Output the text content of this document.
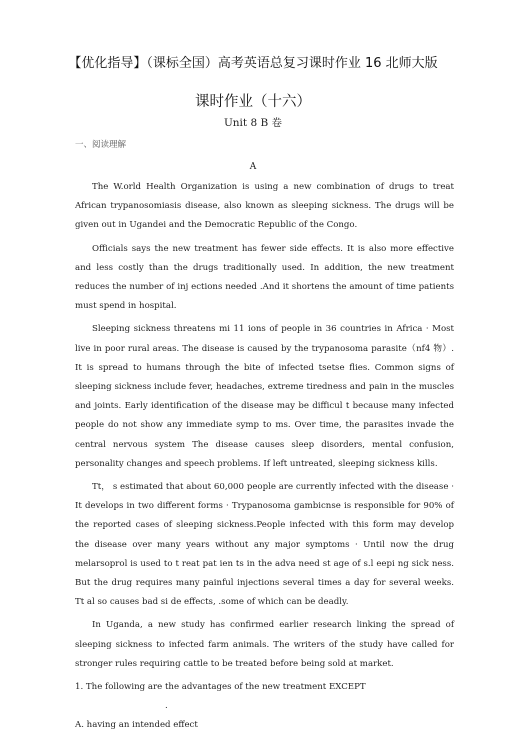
【优化指导】（课标全国）高考英语总复习课时作业 16 北师大版
课时作业（十六）
Unit 8 B 卷
一、阅读理解
A

The W.orld Health Organization is using a new combination of drugs to treat African trypanosomiasis disease, also known as sleeping sickness. The drugs will be given out in Ugandei and the Democratic Republic of the Congo.

Officials says the new treatment has fewer side effects. It is also more effective and less costly than the drugs traditionally used. In addition, the new treatment reduces the number of inj ections needed .And it shortens the amount of time patients must spend in hospital.

Sleeping sickness threatens mi 11 ions of people in 36 countries in Africa · Most live in poor rural areas. The disease is caused by the trypanosoma parasite（nf4 物）. It is spread to humans through the bite of infected tsetse flies. Common signs of sleeping sickness include fever, headaches, extreme tiredness and pain in the muscles and joints. Early identification of the disease may be difficul t because many infected people do not show any immediate symp to ms. Over time, the parasites invade the central nervous system The disease causes sleep disorders, mental confusion, personality changes and speech problems. If left untreated, sleeping sickness kills.

Tt， s estimated that about 60,000 people are currently infected with the disease · It develops in two different forms · Trypanosoma gambicnse is responsible for 90% of the reported cases of sleeping sickness.People infected with this form may develop the disease over many years without any major symptoms · Until now the drug melarsoprol is used to t reat pat ien ts in the adva need st age of s.l eepi ng sick ness. But the drug requires many painful injections several times a day for several weeks. Tt al so causes bad si de effects, .some of which can be deadly.

In Uganda, a new study has confirmed earlier research linking the spread of sleeping sickness to infected farm animals. The writers of the study have called for stronger rules requiring cattle to be treated before being sold at market.

1. The following are the advantages of the new treatment EXCEPT.
A. having an intended effect
